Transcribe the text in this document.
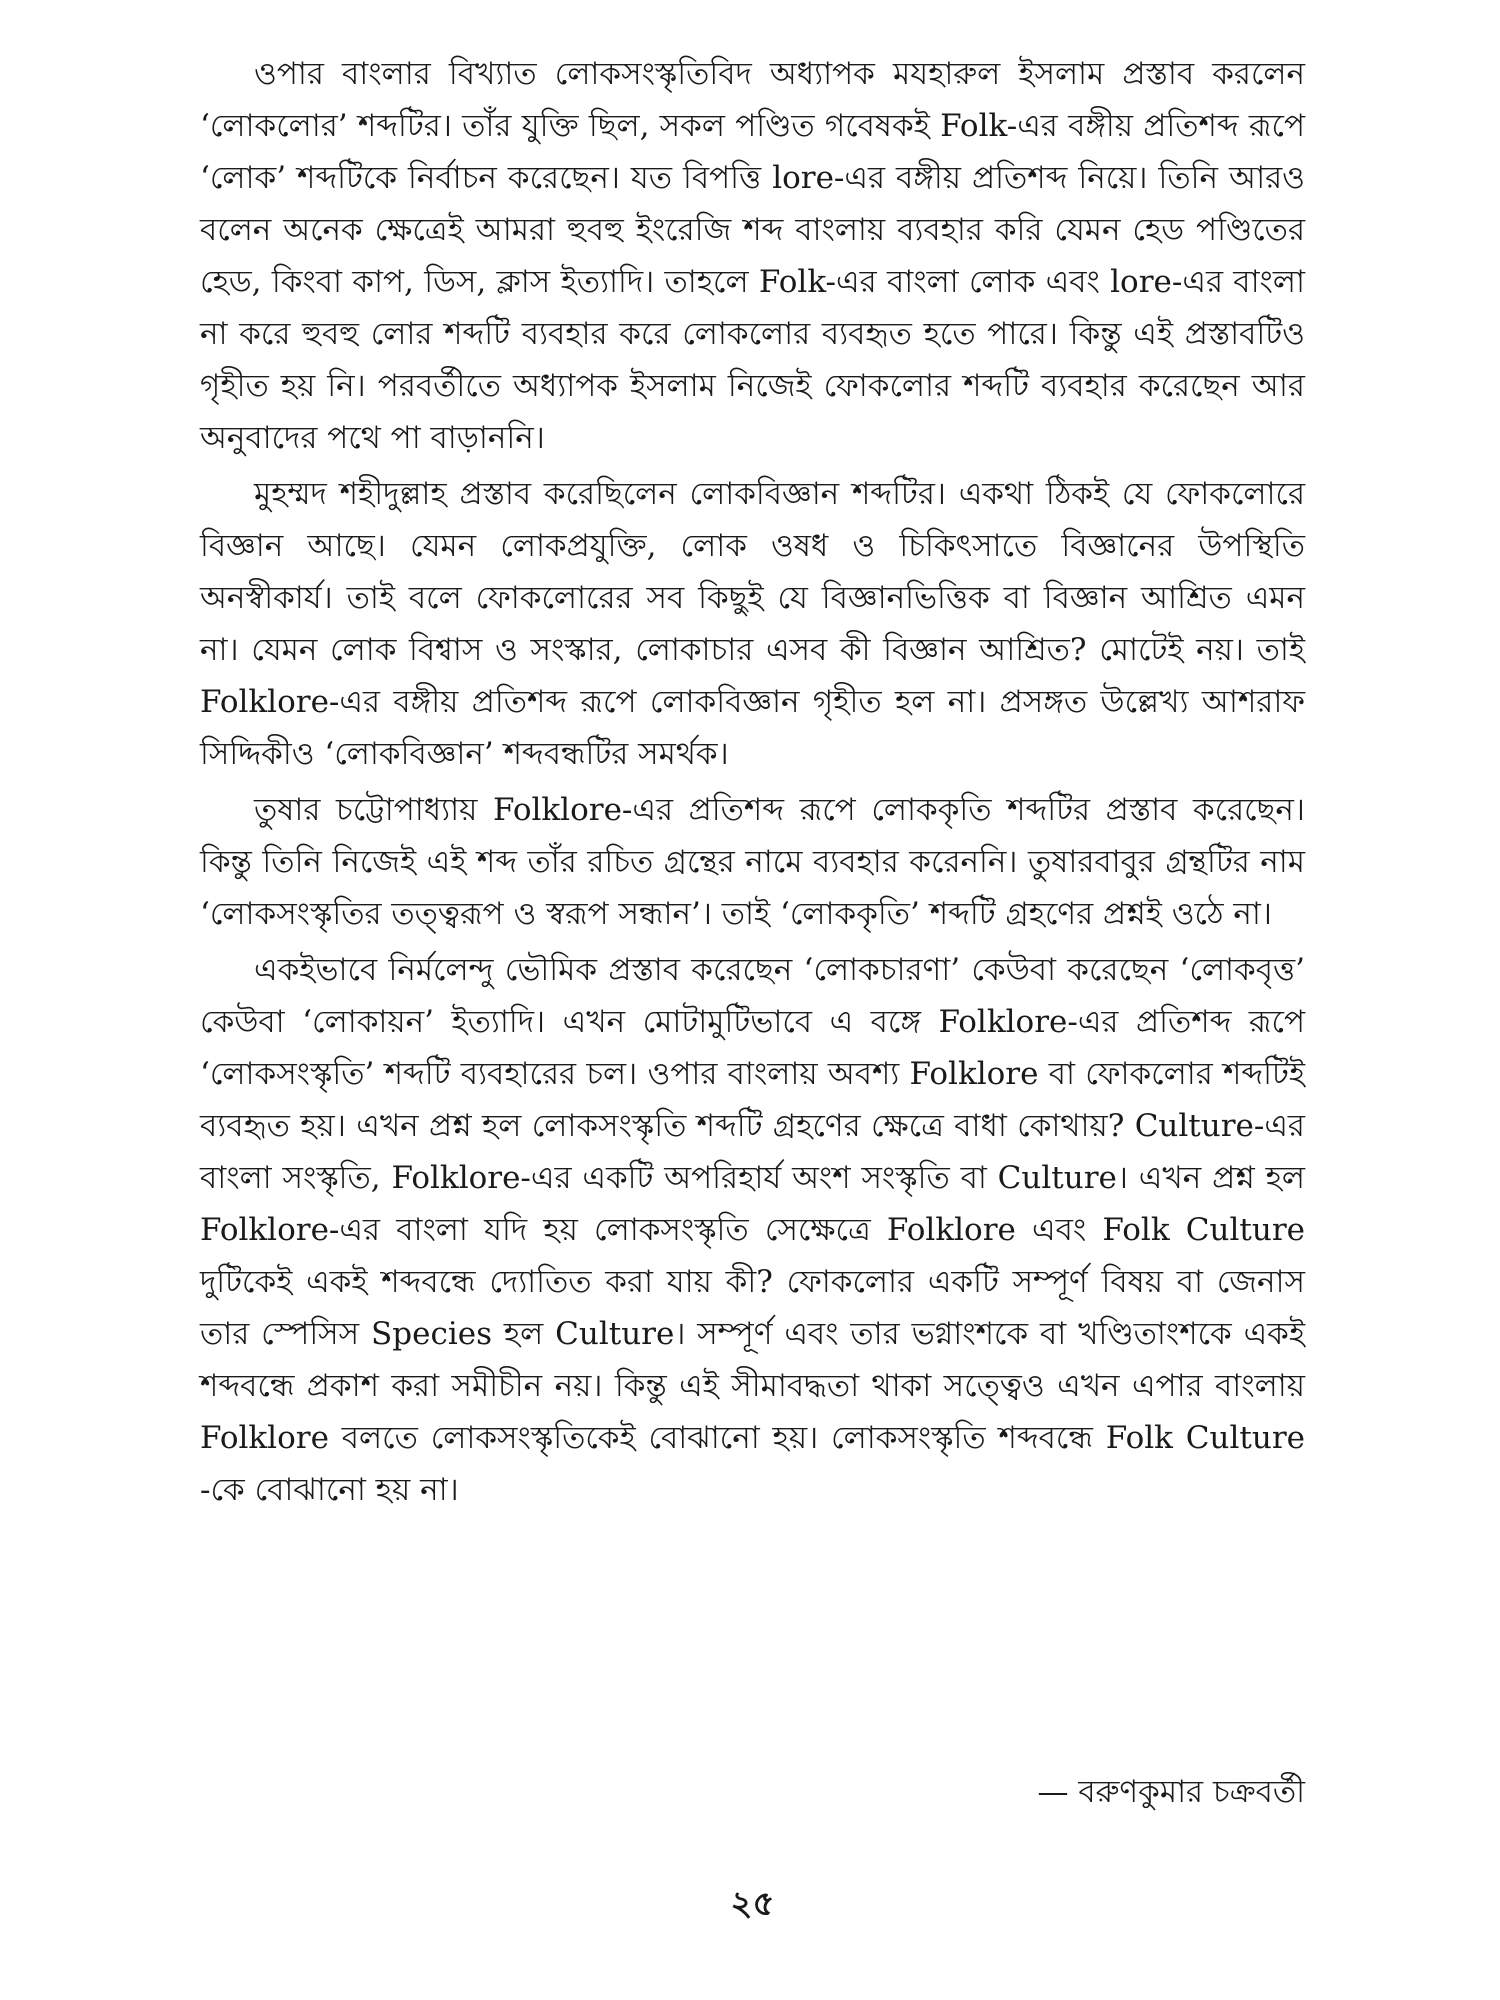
ওপার বাংলার বিখ্যাত লোকসংস্কৃতিবিদ অধ্যাপক মযহারুল ইসলাম প্রস্তাব করলেন ‘লোকলোর’ শব্দটির। তাঁর যুক্তি ছিল, সকল পণ্ডিত গবেষকই Folk-এর বঙ্গীয় প্রতিশব্দ রূপে ‘লোক’ শব্দটিকে নির্বাচন করেছেন। যত বিপত্তি lore-এর বঙ্গীয় প্রতিশব্দ নিয়ে। তিনি আরও বলেন অনেক ক্ষেত্রেই আমরা হুবহু ইংরেজি শব্দ বাংলায় ব্যবহার করি যেমন হেড পণ্ডিতের হেড, কিংবা কাপ, ডিস, ক্লাস ইত্যাদি। তাহলে Folk-এর বাংলা লোক এবং lore-এর বাংলা না করে হুবহু লোর শব্দটি ব্যবহার করে লোকলোর ব্যবহৃত হতে পারে। কিন্তু এই প্রস্তাবটিও গৃহীত হয় নি। পরবর্তীতে অধ্যাপক ইসলাম নিজেই ফোকলোর শব্দটি ব্যবহার করেছেন আর অনুবাদের পথে পা বাড়াননি।

মুহম্মদ শহীদুল্লাহ প্রস্তাব করেছিলেন লোকবিজ্ঞান শব্দটির। একথা ঠিকই যে ফোকলোরে বিজ্ঞান আছে। যেমন লোকপ্রযুক্তি, লোক ওষধ ও চিকিৎসাতে বিজ্ঞানের উপস্থিতি অনস্বীকার্য। তাই বলে ফোকলোরের সব কিছুই যে বিজ্ঞানভিত্তিক বা বিজ্ঞান আশ্রিত এমন না। যেমন লোক বিশ্বাস ও সংস্কার, লোকাচার এসব কী বিজ্ঞান আশ্রিত? মোটেই নয়। তাই Folklore-এর বঙ্গীয় প্রতিশব্দ রূপে লোকবিজ্ঞান গৃহীত হল না। প্রসঙ্গত উল্লেখ্য আশরাফ সিদ্দিকীও ‘লোকবিজ্ঞান’ শব্দবন্ধটির সমর্থক।

তুষার চট্টোপাধ্যায় Folklore-এর প্রতিশব্দ রূপে লোককৃতি শব্দটির প্রস্তাব করেছেন। কিন্তু তিনি নিজেই এই শব্দ তাঁর রচিত গ্রন্থের নামে ব্যবহার করেননি। তুষারবাবুর গ্রন্থটির নাম ‘লোকসংস্কৃতির তত্ত্বরূপ ও স্বরূপ সন্ধান’। তাই ‘লোককৃতি’ শব্দটি গ্রহণের প্রশ্নই ওঠে না।

একইভাবে নির্মলেন্দু ভৌমিক প্রস্তাব করেছেন ‘লোকচারণা’ কেউবা করেছেন ‘লোকবৃত্ত’ কেউবা ‘লোকায়ন’ ইত্যাদি। এখন মোটামুটিভাবে এ বঙ্গে Folklore-এর প্রতিশব্দ রূপে ‘লোকসংস্কৃতি’ শব্দটি ব্যবহারের চল। ওপার বাংলায় অবশ্য Folklore বা ফোকলোর শব্দটিই ব্যবহৃত হয়। এখন প্রশ্ন হল লোকসংস্কৃতি শব্দটি গ্রহণের ক্ষেত্রে বাধা কোথায়? Culture-এর বাংলা সংস্কৃতি, Folklore-এর একটি অপরিহার্য অংশ সংস্কৃতি বা Culture। এখন প্রশ্ন হল Folklore-এর বাংলা যদি হয় লোকসংস্কৃতি সেক্ষেত্রে Folklore এবং Folk Culture দুটিকেই একই শব্দবন্ধে দ্যোতিত করা যায় কী? ফোকলোর একটি সম্পূর্ণ বিষয় বা জেনাস তার স্পেসিস Species হল Culture। সম্পূর্ণ এবং তার ভগ্নাংশকে বা খণ্ডিতাংশকে একই শব্দবন্ধে প্রকাশ করা সমীচীন নয়। কিন্তু এই সীমাবদ্ধতা থাকা সত্ত্বেও এখন এপার বাংলায় Folklore বলতে লোকসংস্কৃতিকেই বোঝানো হয়। লোকসংস্কৃতি শব্দবন্ধে Folk Culture -কে বোঝানো হয় না।

— বরুণকুমার চক্রবর্তী

২৫
